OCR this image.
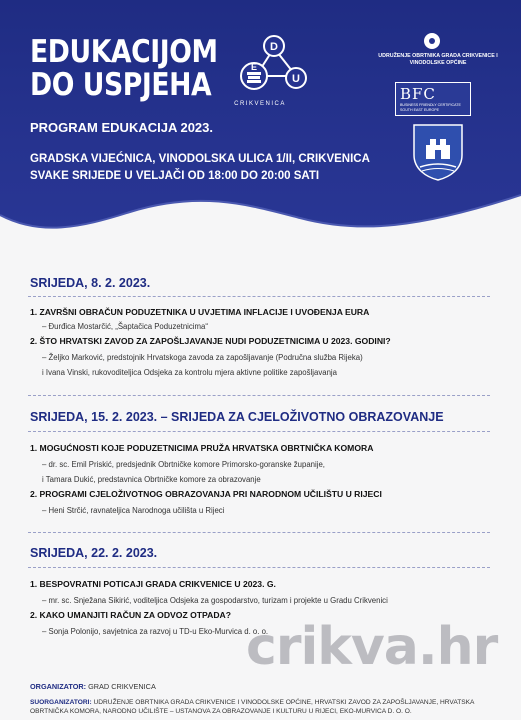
EDUKACIJOM
DO USPJEHA
D
E
U
CRIKVENICA
PROGRAM EDUKACIJA 2023.
GRADSKA VIJEĆNICA, VINODOLSKA ULICA 1/II, CRIKVENICA
SVAKE SRIJEDE U VELJAČI OD 18:00 DO 20:00 SATI
UDRUŽENJE OBRTNIKA GRADA CRIKVENICE I VINODOLSKE OPĆINE
BFC
BUSINESS FRIENDLY CERTIFICATE SOUTH EAST EUROPE
SRIJEDA, 8. 2. 2023.
1. ZAVRŠNI OBRAČUN PODUZETNIKA U UVJETIMA INFLACIJE I UVOĐENJA EURA
– Đurđica Mostarčić, „Šaptačica Poduzetnicima“
2. ŠTO HRVATSKI ZAVOD ZA ZAPOŠLJAVANJE NUDI PODUZETNICIMA U 2023. GODINI?
– Željko Marković, predstojnik Hrvatskoga zavoda za zapošljavanje (Područna služba Rijeka)
i Ivana Vinski, rukovoditeljica Odsjeka za kontrolu mjera aktivne politike zapošljavanja
SRIJEDA, 15. 2. 2023. – SRIJEDA ZA CJELOŽIVOTNO OBRAZOVANJE
1. MOGUĆNOSTI KOJE PODUZETNICIMA PRUŽA HRVATSKA OBRTNIČKA KOMORA
– dr. sc. Emil Priskić, predsjednik Obrtničke komore Primorsko-goranske županije,
i Tamara Dukić, predstavnica Obrtničke komore za obrazovanje
2. PROGRAMI CJELOŽIVOTNOG OBRAZOVANJA PRI NARODNOM UČILIŠTU U RIJECI
– Heni Strčić, ravnateljica Narodnoga učilišta u Rijeci
SRIJEDA, 22. 2. 2023.
1. BESPOVRATNI POTICAJI GRADA CRIKVENICE U 2023. G.
– mr. sc. Snježana Sikirić, voditeljica Odsjeka za gospodarstvo, turizam i projekte u Gradu Crikvenici
2. KAKO UMANJITI RAČUN ZA ODVOZ OTPADA?
– Sonja Polonijo, savjetnica za razvoj u TD-u Eko-Murvica d. o. o.
crikva.hr
ORGANIZATOR: GRAD CRIKVENICA
SUORGANIZATORI: UDRUŽENJE OBRTNIKA GRADA CRIKVENICE I VINODOLSKE OPĆINE, HRVATSKI ZAVOD ZA ZAPOŠLJAVANJE, HRVATSKA OBRTNIČKA KOMORA, NARODNO UČILIŠTE – USTANOVA ZA OBRAZOVANJE I KULTURU U RIJECI, EKO-MURVICA D. O. O.
